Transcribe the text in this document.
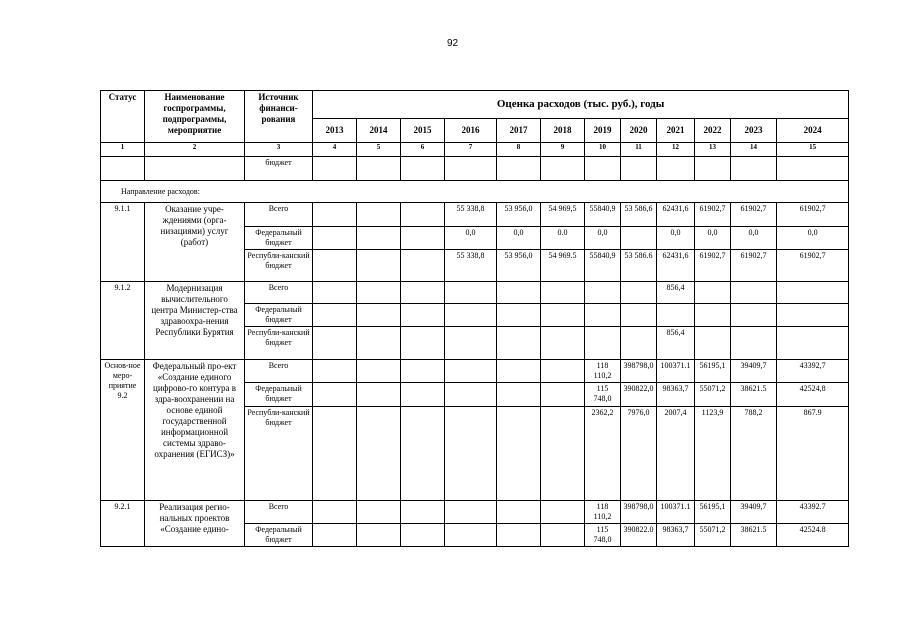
92
Статус	Наименование госпрограммы, подпрограммы, мероприятие	Источник финанси-рования	Оценка расходов (тыс. руб.), годы											
			2013	2014	2015	2016	2017	2018	2019	2020	2021	2022	2023	2024
1	2	3	4	5	6	7	8	9	10	11	12	13	14	15
		бюджет												
Направление расходов:														
9.1.1	Оказание учре-ждениями (орга-низациями) услуг (работ)	Всего				55 338,8	53 956,0	54 969,5	55840,9	53 586,6	62431,6	61902,7	61902,7	61902,7
		Федеральный бюджет				0,0	0,0	0.0	0,0		0,0	0,0	0,0	0,0
		Республи-канский бюджет				55 338,8	53 956,0	54 969.5	55840,9	53 586.6	62431,6	61902,7	61902,7	61902,7
9.1.2	Модернизация вычислительного центра Министер-ства здравоохра-нения Республики Бурятия	Всего									856,4			
		Федеральный бюджет												
		Республи-канский бюджет									856,4			
Основ-ное меро-приятие 9.2	Федеральный про-ект «Создание единого цифрово-го контура в здра-воохранении на основе единой государственной информационной системы здраво-охранения (ЕГИСЗ)»	Всего							118 110,2	398798,0	100371.1	56195,1	39409,7	43392,7
		Федеральный бюджет							115 748,0	390822,0	98363,7	55071,2	38621.5	42524,8
		Республи-канский бюджет							2362,2	7976,0	2007,4	1123,9	788,2	867.9
9.2.1	Реализация регио-нальных проектов «Создание едино-	Всего							118 110,2	398798,0	100371.1	56195,1	39409,7	43392.7
		Федеральный бюджет							115 748,0	390822.0	98363,7	55071,2	38621.5	42524.8
